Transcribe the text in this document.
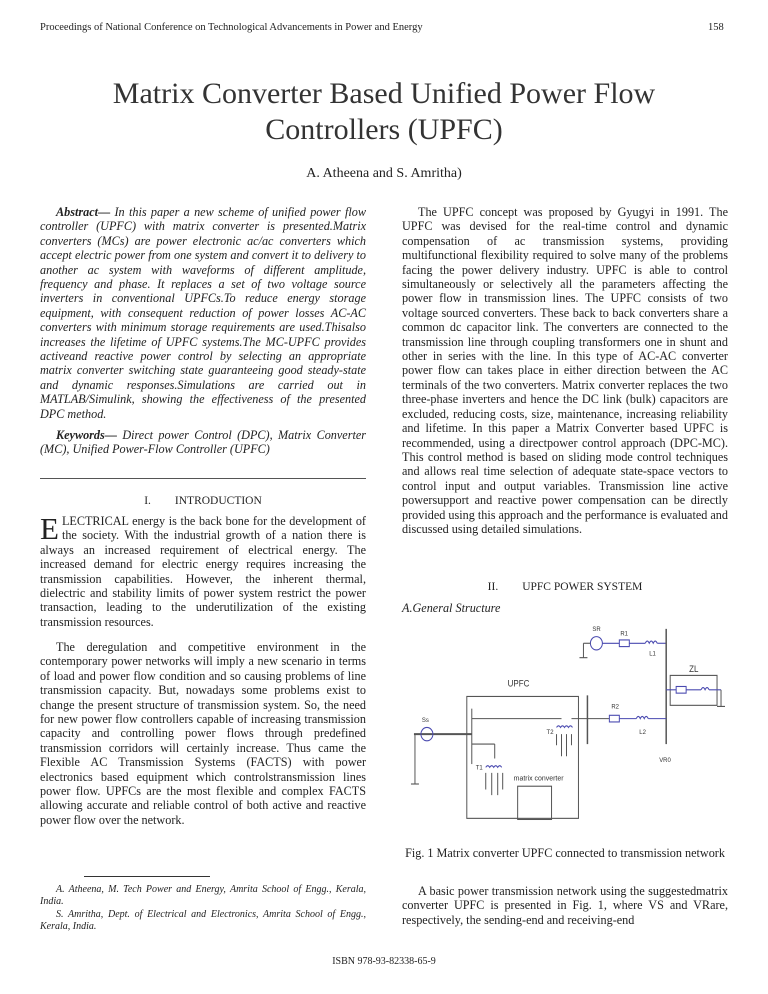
Proceedings of National Conference on Technological Advancements in Power and Energy	158
Matrix Converter Based Unified Power Flow
Controllers (UPFC)
A. Atheena and S. Amritha)

Abstract— In this paper a new scheme of unified power flow controller (UPFC) with matrix converter is presented.Matrix converters (MCs) are power electronic ac/ac converters which accept electric power from one system and convert it to delivery to another ac system with waveforms of different amplitude, frequency and phase. It replaces a set of two voltage source inverters in conventional UPFCs.To reduce energy storage equipment, with consequent reduction of power losses AC-AC converters with minimum storage requirements are used.Thisalso increases the lifetime of UPFC systems.The MC-UPFC provides activeand reactive power control by selecting an appropriate matrix converter switching state guaranteeing good steady-state and dynamic responses.Simulations are carried out in MATLAB/Simulink, showing the effectiveness of the presented DPC method.

Keywords— Direct power Control (DPC), Matrix Converter (MC), Unified Power-Flow Controller (UPFC)

I. INTRODUCTION

ELECTRICAL energy is the back bone for the development of the society. With the industrial growth of a nation there is always an increased requirement of electrical energy. The increased demand for electric energy requires increasing the transmission capabilities. However, the inherent thermal, dielectric and stability limits of power system restrict the power transaction, leading to the underutilization of the existing transmission resources.

The deregulation and competitive environment in the contemporary power networks will imply a new scenario in terms of load and power flow condition and so causing problems of line transmission capacity. But, nowadays some problems exist to change the present structure of transmission system. So, the need for new power flow controllers capable of increasing transmission capacity and controlling power flows through predefined transmission corridors will certainly increase. Thus came the Flexible AC Transmission Systems (FACTS) with power electronics based equipment which controlstransmission lines power flow. UPFCs are the most flexible and complex FACTS allowing accurate and reliable control of both active and reactive power flow over the network.

The UPFC concept was proposed by Gyugyi in 1991. The UPFC was devised for the real-time control and dynamic compensation of ac transmission systems, providing multifunctional flexibility required to solve many of the problems facing the power delivery industry. UPFC is able to control simultaneously or selectively all the parameters affecting the power flow in transmission lines. The UPFC consists of two voltage sourced converters. These back to back converters share a common dc capacitor link. The converters are connected to the transmission line through coupling transformers one in shunt and other in series with the line. In this type of AC-AC converter power flow can takes place in either direction between the AC terminals of the two converters. Matrix converter replaces the two three-phase inverters and hence the DC link (bulk) capacitors are excluded, reducing costs, size, maintenance, increasing reliability and lifetime. In this paper a Matrix Converter based UPFC is recommended, using a directpower control approach (DPC-MC). This control method is based on sliding mode control techniques and allows real time selection of adequate state-space vectors to control input and output variables. Transmission line active powersupport and reactive power compensation can be directly provided using this approach and the performance is evaluated and discussed using detailed simulations.

II. UPFC POWER SYSTEM
A.General Structure
SR
R1
L1
ZL
UPFC
R2
L2
VR0
Ss
T1
T2
matrix converter
Fig. 1 Matrix converter UPFC connected to transmission network

A basic power transmission network using the suggestedmatrix converter UPFC is presented in Fig. 1, where VS and VRare, respectively, the sending-end and receiving-end

A. Atheena, M. Tech Power and Energy, Amrita School of Engg., Kerala, India.
S. Amritha, Dept. of Electrical and Electronics, Amrita School of Engg., Kerala, India.
ISBN 978-93-82338-65-9
